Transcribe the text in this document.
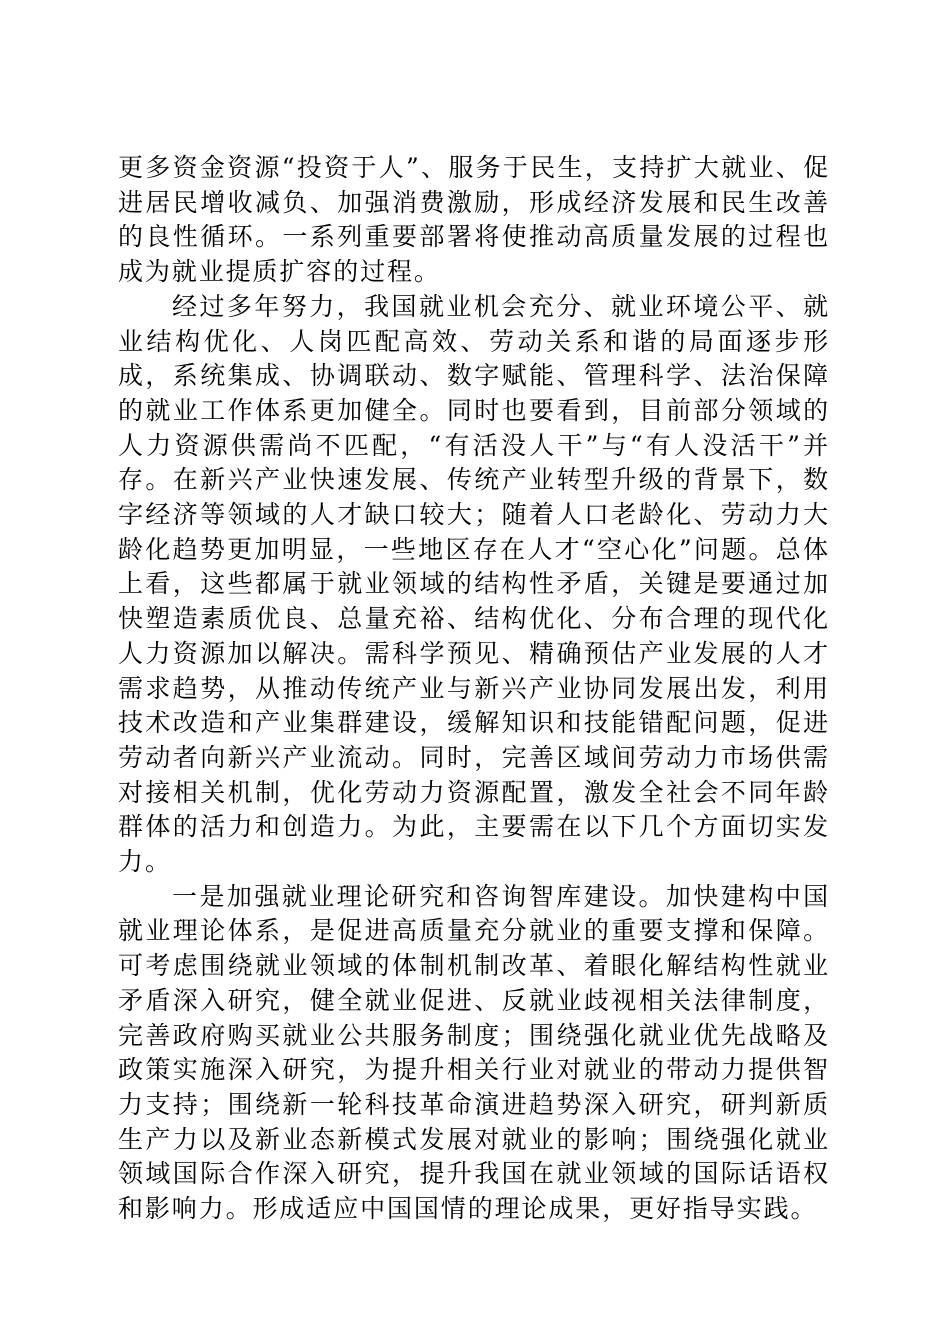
更多资金资源“投资于人”、服务于民生，支持扩大就业、促进居民增收减负、加强消费激励，形成经济发展和民生改善的良性循环。一系列重要部署将使推动高质量发展的过程也成为就业提质扩容的过程。

经过多年努力，我国就业机会充分、就业环境公平、就业结构优化、人岗匹配高效、劳动关系和谐的局面逐步形成，系统集成、协调联动、数字赋能、管理科学、法治保障的就业工作体系更加健全。同时也要看到，目前部分领域的人力资源供需尚不匹配，“有活没人干”与“有人没活干”并存。在新兴产业快速发展、传统产业转型升级的背景下，数字经济等领域的人才缺口较大；随着人口老龄化、劳动力大龄化趋势更加明显，一些地区存在人才“空心化”问题。总体上看，这些都属于就业领域的结构性矛盾，关键是要通过加快塑造素质优良、总量充裕、结构优化、分布合理的现代化人力资源加以解决。需科学预见、精确预估产业发展的人才需求趋势，从推动传统产业与新兴产业协同发展出发，利用技术改造和产业集群建设，缓解知识和技能错配问题，促进劳动者向新兴产业流动。同时，完善区域间劳动力市场供需对接相关机制，优化劳动力资源配置，激发全社会不同年龄群体的活力和创造力。为此，主要需在以下几个方面切实发力。

一是加强就业理论研究和咨询智库建设。加快建构中国就业理论体系，是促进高质量充分就业的重要支撑和保障。可考虑围绕就业领域的体制机制改革、着眼化解结构性就业矛盾深入研究，健全就业促进、反就业歧视相关法律制度，完善政府购买就业公共服务制度；围绕强化就业优先战略及政策实施深入研究，为提升相关行业对就业的带动力提供智力支持；围绕新一轮科技革命演进趋势深入研究，研判新质生产力以及新业态新模式发展对就业的影响；围绕强化就业领域国际合作深入研究，提升我国在就业领域的国际话语权和影响力。形成适应中国国情的理论成果，更好指导实践。
